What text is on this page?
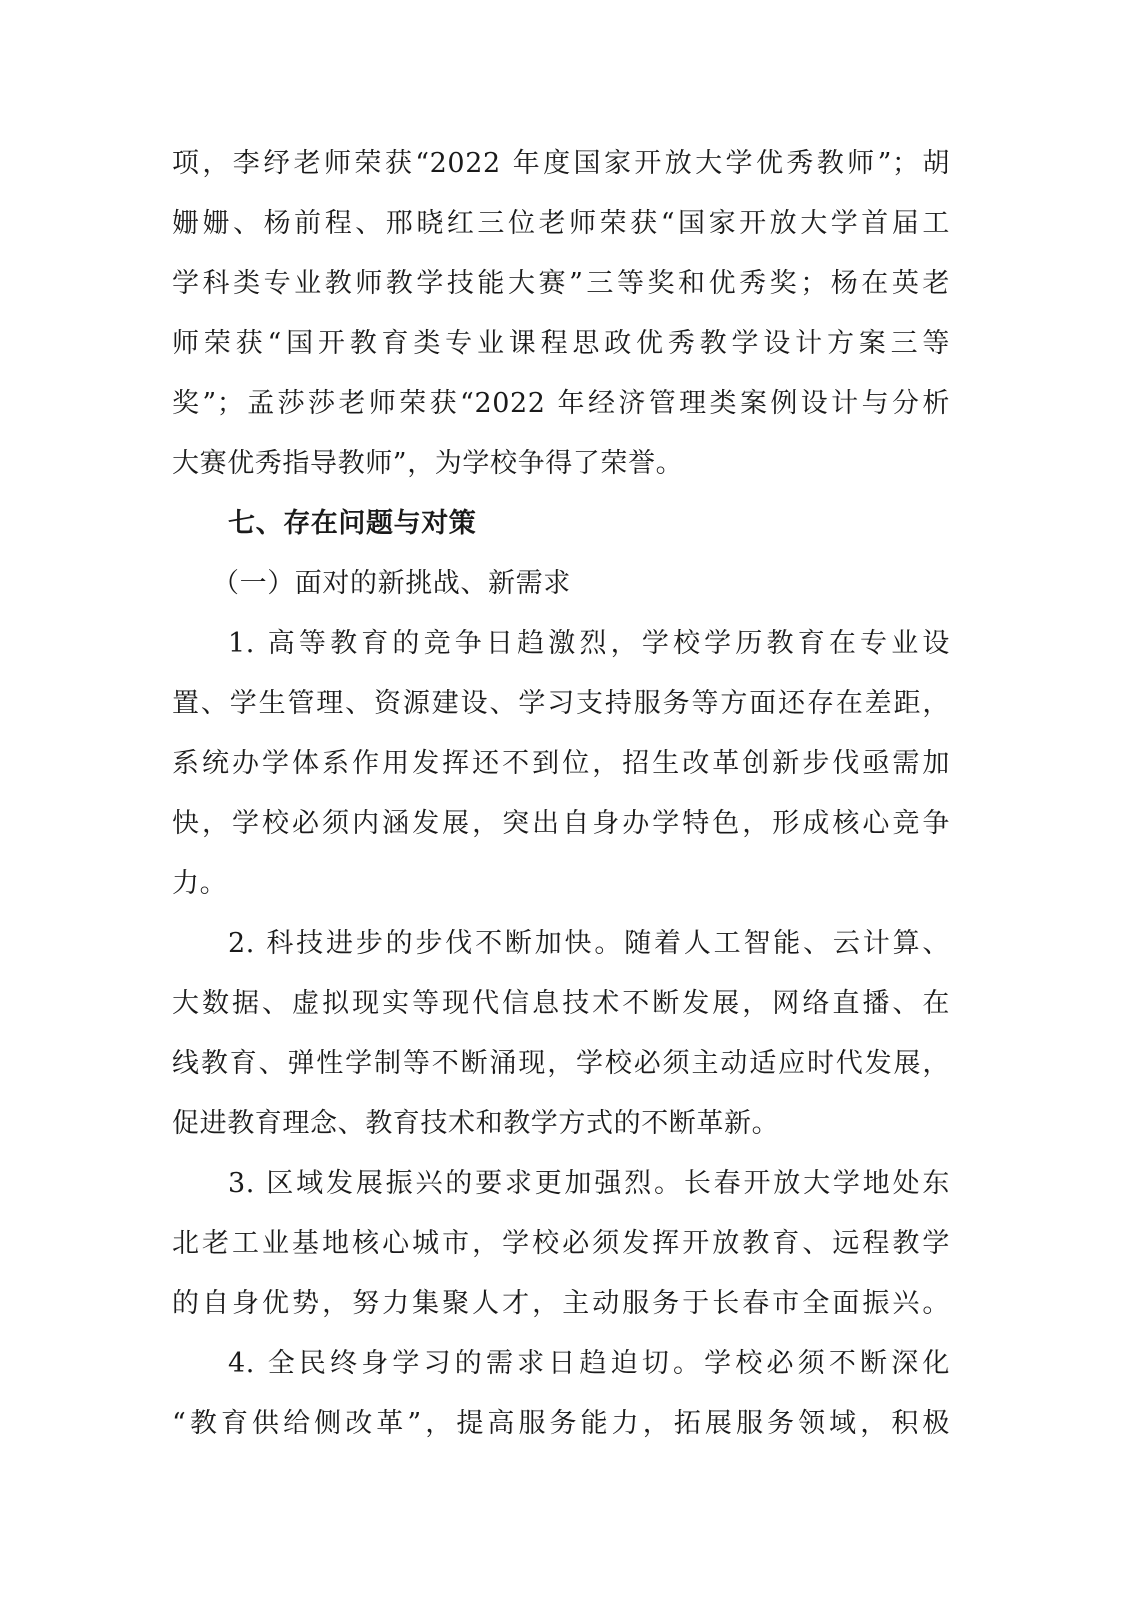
项，李纾老师荣获“2022 年度国家开放大学优秀教师”；胡
姗姗、杨前程、邢晓红三位老师荣获“国家开放大学首届工
学科类专业教师教学技能大赛”三等奖和优秀奖；杨在英老
师荣获“国开教育类专业课程思政优秀教学设计方案三等
奖”；孟莎莎老师荣获“2022 年经济管理类案例设计与分析
大赛优秀指导教师”，为学校争得了荣誉。
七、存在问题与对策
（一）面对的新挑战、新需求
1. 高等教育的竞争日趋激烈，学校学历教育在专业设
置、学生管理、资源建设、学习支持服务等方面还存在差距，
系统办学体系作用发挥还不到位，招生改革创新步伐亟需加
快，学校必须内涵发展，突出自身办学特色，形成核心竞争
力。
2. 科技进步的步伐不断加快。随着人工智能、云计算、
大数据、虚拟现实等现代信息技术不断发展，网络直播、在
线教育、弹性学制等不断涌现，学校必须主动适应时代发展，
促进教育理念、教育技术和教学方式的不断革新。
3. 区域发展振兴的要求更加强烈。长春开放大学地处东
北老工业基地核心城市，学校必须发挥开放教育、远程教学
的自身优势，努力集聚人才，主动服务于长春市全面振兴。
4. 全民终身学习的需求日趋迫切。学校必须不断深化
“教育供给侧改革”，提高服务能力，拓展服务领域，积极
